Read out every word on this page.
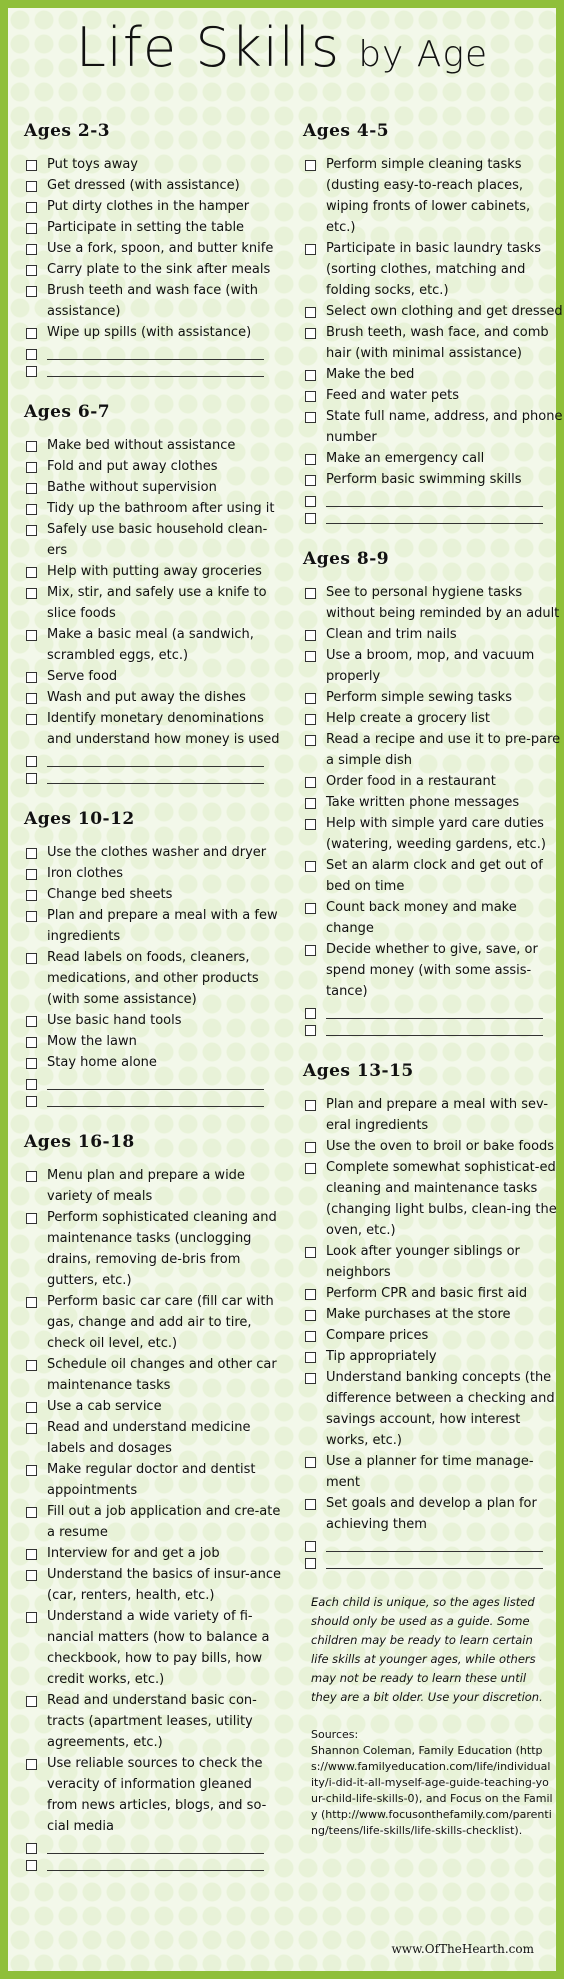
Life Skills by Age
Ages 2-3
Put toys away
Get dressed (with assistance)
Put dirty clothes in the hamper
Participate in setting the table
Use a fork, spoon, and butter knife
Carry plate to the sink after meals
Brush teeth and wash face (with assistance)
Wipe up spills (with assistance)
Ages 6-7
Make bed without assistance
Fold and put away clothes
Bathe without supervision
Tidy up the bathroom after using it
Safely use basic household clean-ers
Help with putting away groceries
Mix, stir, and safely use a knife to slice foods
Make a basic meal (a sandwich, scrambled eggs, etc.)
Serve food
Wash and put away the dishes
Identify monetary denominations and understand how money is used
Ages 10-12
Use the clothes washer and dryer
Iron clothes
Change bed sheets
Plan and prepare a meal with a few ingredients
Read labels on foods, cleaners, medications, and other products (with some assistance)
Use basic hand tools
Mow the lawn
Stay home alone
Ages 16-18
Menu plan and prepare a wide variety of meals
Perform sophisticated cleaning and maintenance tasks (unclogging drains, removing de-bris from gutters, etc.)
Perform basic car care (fill car with gas, change and add air to tire, check oil level, etc.)
Schedule oil changes and other car maintenance tasks
Use a cab service
Read and understand medicine labels and dosages
Make regular doctor and dentist appointments
Fill out a job application and cre-ate a resume
Interview for and get a job
Understand the basics of insur-ance (car, renters, health, etc.)
Understand a wide variety of fi-nancial matters (how to balance a checkbook, how to pay bills, how credit works, etc.)
Read and understand basic con-tracts (apartment leases, utility agreements, etc.)
Use reliable sources to check the veracity of information gleaned from news articles, blogs, and so-cial media
Ages 4-5
Perform simple cleaning tasks (dusting easy-to-reach places, wiping fronts of lower cabinets, etc.)
Participate in basic laundry tasks (sorting clothes, matching and folding socks, etc.)
Select own clothing and get dressed
Brush teeth, wash face, and comb hair (with minimal assistance)
Make the bed
Feed and water pets
State full name, address, and phone number
Make an emergency call
Perform basic swimming skills
Ages 8-9
See to personal hygiene tasks without being reminded by an adult
Clean and trim nails
Use a broom, mop, and vacuum properly
Perform simple sewing tasks
Help create a grocery list
Read a recipe and use it to pre-pare a simple dish
Order food in a restaurant
Take written phone messages
Help with simple yard care duties (watering, weeding gardens, etc.)
Set an alarm clock and get out of bed on time
Count back money and make change
Decide whether to give, save, or spend money (with some assis-tance)
Ages 13-15
Plan and prepare a meal with sev-eral ingredients
Use the oven to broil or bake foods
Complete somewhat sophisticat-ed cleaning and maintenance tasks (changing light bulbs, clean-ing the oven, etc.)
Look after younger siblings or neighbors
Perform CPR and basic first aid
Make purchases at the store
Compare prices
Tip appropriately
Understand banking concepts (the difference between a checking and savings account, how interest works, etc.)
Use a planner for time manage-ment
Set goals and develop a plan for achieving them
Each child is unique, so the ages listed should only be used as a guide. Some children may be ready to learn certain life skills at younger ages, while others may not be ready to learn these until they are a bit older. Use your discretion.
Sources:
Shannon Coleman, Family Education (https://www.familyeducation.com/life/individuality/i-did-it-all-myself-age-guide-teaching-your-child-life-skills-0), and Focus on the Family (http://www.focusonthefamily.com/parenting/teens/life-skills/life-skills-checklist).
www.OfTheHearth.com
